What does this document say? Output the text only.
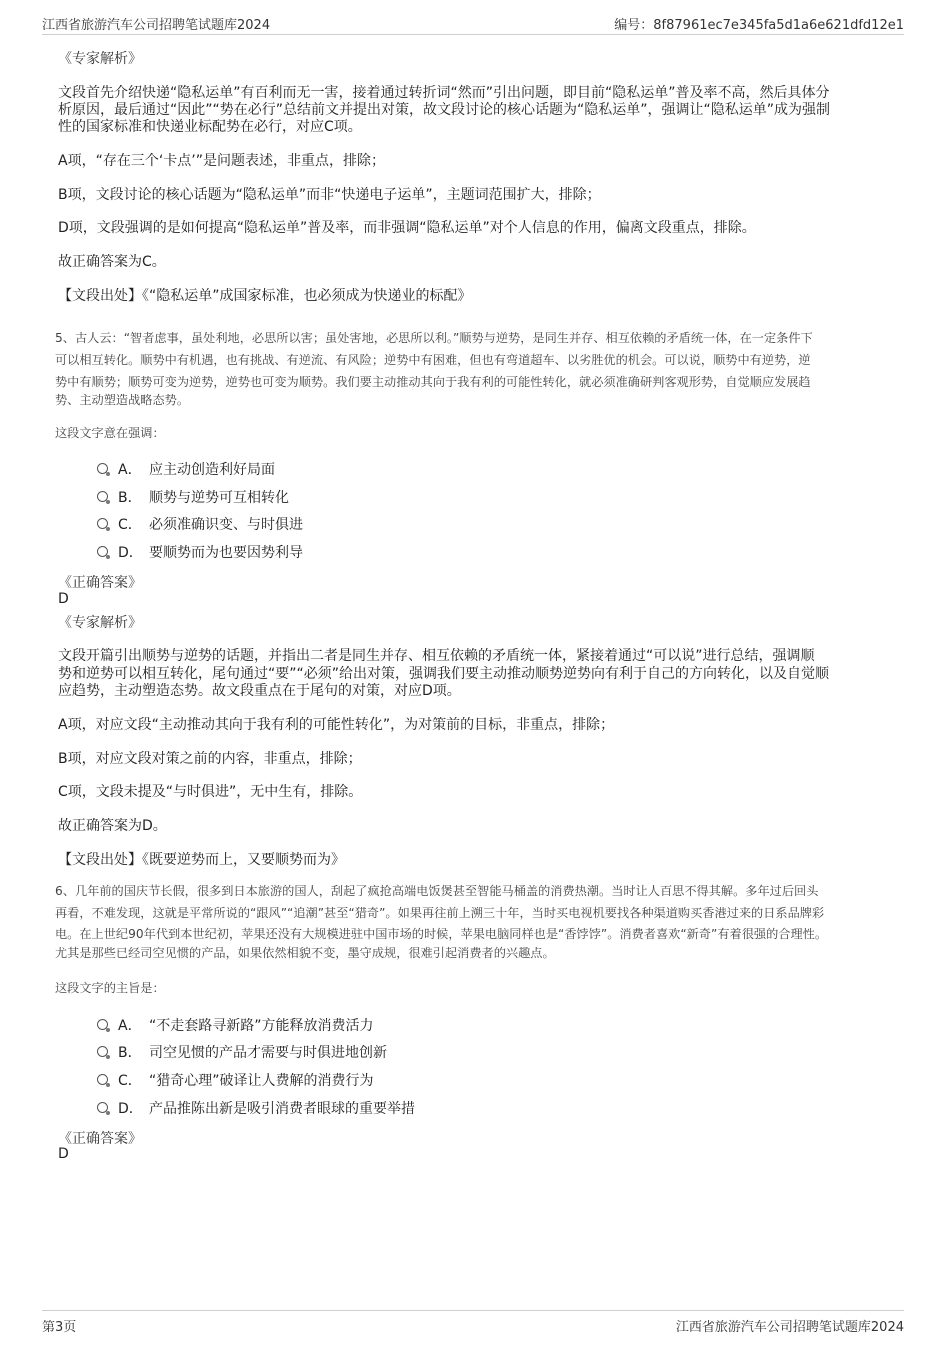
江西省旅游汽车公司招聘笔试题库2024	编号：8f87961ec7e345fa5d1a6e621dfd12e1
《专家解析》
文段首先介绍快递“隐私运单”有百利而无一害，接着通过转折词“然而”引出问题，即目前“隐私运单”普及率不高，然后具体分
析原因，最后通过“因此”“势在必行”总结前文并提出对策，故文段讨论的核心话题为“隐私运单”，强调让“隐私运单”成为强制
性的国家标准和快递业标配势在必行，对应C项。
A项，“存在三个‘卡点’”是问题表述，非重点，排除；
B项，文段讨论的核心话题为“隐私运单”而非“快递电子运单”，主题词范围扩大，排除；
D项，文段强调的是如何提高“隐私运单”普及率，而非强调“隐私运单”对个人信息的作用，偏离文段重点，排除。
故正确答案为C。
【文段出处】《“隐私运单”成国家标准，也必须成为快递业的标配》
5、古人云：“智者虑事，虽处利地，必思所以害；虽处害地，必思所以利。”顺势与逆势，是同生并存、相互依赖的矛盾统一体，在一定条件下
可以相互转化。顺势中有机遇，也有挑战、有逆流、有风险；逆势中有困难，但也有弯道超车、以劣胜优的机会。可以说，顺势中有逆势，逆
势中有顺势；顺势可变为逆势，逆势也可变为顺势。我们要主动推动其向于我有利的可能性转化，就必须准确研判客观形势，自觉顺应发展趋
势、主动塑造战略态势。
这段文字意在强调：
A． 应主动创造利好局面
B． 顺势与逆势可互相转化
C． 必须准确识变、与时俱进
D． 要顺势而为也要因势利导
《正确答案》
D
《专家解析》
文段开篇引出顺势与逆势的话题，并指出二者是同生并存、相互依赖的矛盾统一体，紧接着通过“可以说”进行总结，强调顺
势和逆势可以相互转化，尾句通过“要”“必须”给出对策，强调我们要主动推动顺势逆势向有利于自己的方向转化，以及自觉顺
应趋势，主动塑造态势。故文段重点在于尾句的对策，对应D项。
A项，对应文段“主动推动其向于我有利的可能性转化”，为对策前的目标，非重点，排除；
B项，对应文段对策之前的内容，非重点，排除；
C项，文段未提及“与时俱进”，无中生有，排除。
故正确答案为D。
【文段出处】《既要逆势而上，又要顺势而为》
6、几年前的国庆节长假，很多到日本旅游的国人，刮起了疯抢高端电饭煲甚至智能马桶盖的消费热潮。当时让人百思不得其解。多年过后回头
再看，不难发现，这就是平常所说的“跟风”“追潮”甚至“猎奇”。如果再往前上溯三十年，当时买电视机要找各种渠道购买香港过来的日系品牌彩
电。在上世纪90年代到本世纪初，苹果还没有大规模进驻中国市场的时候，苹果电脑同样也是“香饽饽”。消费者喜欢“新奇”有着很强的合理性。
尤其是那些已经司空见惯的产品，如果依然相貌不变，墨守成规，很难引起消费者的兴趣点。
这段文字的主旨是：
A． “不走套路寻新路”方能释放消费活力
B． 司空见惯的产品才需要与时俱进地创新
C． “猎奇心理”破译让人费解的消费行为
D． 产品推陈出新是吸引消费者眼球的重要举措
《正确答案》
D
第3页	江西省旅游汽车公司招聘笔试题库2024
